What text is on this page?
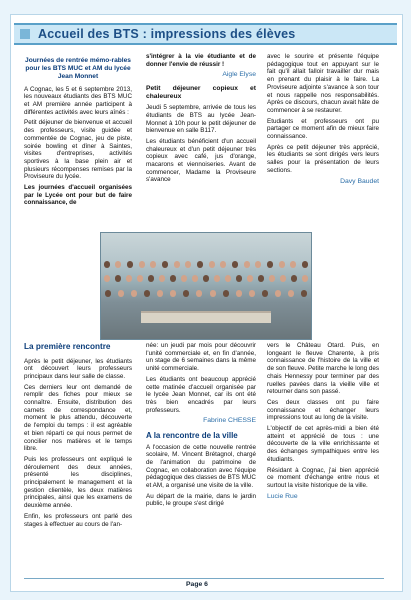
Accueil des BTS : impressions des élèves
Journées de rentrée mémo-rables pour les BTS MUC et AM du lycée Jean Monnet

A Cognac, les 5 et 6 septembre 2013, les nouveaux étudiants des BTS MUC et AM première année participent à différentes activités avec leurs aînés :

Petit déjeuner de bienvenue et accueil des professeurs, visite guidée et commentée de Cognac, jeu de piste, soirée bowling et dîner à Saintes, visites d'entreprises, activités sportives à la base plein air et plusieurs récompenses remises par la Proviseure du lycée.

Les journées d'accueil organisées par le Lycée ont pour but de faire connaissance, de

s'intégrer à la vie étudiante et de donner l'envie de réussir !

Aigle Elyse

Petit déjeuner copieux et chaleureux

Jeudi 5 septembre, arrivée de tous les étudiants de BTS au lycée Jean-Monnet à 10h pour le petit déjeuner de bienvenue en salle B117.

Les étudiants bénéficient d'un accueil chaleureux et d'un petit déjeuner très copieux avec café, jus d'orange, macarons et viennoiseries. Avant de commencer, Madame la Proviseure s'avance

avec le sourire et présente l'équipe pédagogique tout en appuyant sur le fait qu'il allait falloir travailler dur mais en prenant du plaisir à le faire. La Proviseure adjointe s'avance à son tour et nous rappelle nos responsabilités. Après ce discours, chacun avait hâte de commencer à se restaurer.

Etudiants et professeurs ont pu partager ce moment afin de mieux faire connaissance.

Après ce petit déjeuner très apprécié, les étudiants se sont dirigés vers leurs salles pour la présentation de leurs sections.

Davy Baudet
La première rencontre

Après le petit déjeuner, les étudiants ont découvert leurs professeurs principaux dans leur salle de classe.

Ces derniers leur ont demandé de remplir des fiches pour mieux se connaître. Ensuite, distribution des carnets de correspondance et, moment le plus attendu, découverte de l'emploi du temps : il est agréable et bien réparti ce qui nous permet de concilier nos matières et le temps libre.

Puis les professeurs ont expliqué le déroulement des deux années, présenté les disciplines, principalement le management et la gestion clientèle, les deux matières principales, ainsi que les examens de deuxième année.

Enfin, les professeurs ont parlé des stages à effectuer au cours de l'an-

née: un jeudi par mois pour découvrir l'unité commerciale et, en fin d'année, un stage de 6 semaines dans la même unité commerciale.

Les étudiants ont beaucoup apprécié cette matinée d'accueil organisée par le lycée Jean Monnet, car ils ont été très bien encadrés par leurs professeurs.

Fabrine CHESSE

A la rencontre de la ville

A l'occasion de cette nouvelle rentrée scolaire, M. Vincent Brétagnol, chargé de l'animation du patrimoine de Cognac, en collaboration avec l'équipe pédagogique des classes de BTS MUC et AM, a organisé une visite de la ville.

Au départ de la mairie, dans le jardin public, le groupe s'est dirigé

vers le Château Otard. Puis, en longeant le fleuve Charente, à pris connaissance de l'histoire de la ville et de son fleuve. Petite marche le long des chais Hennessy pour terminer par des ruelles pavées dans la vieille ville et retourner dans son passé.

Ces deux classes ont pu faire connaissance et échanger leurs impressions tout au long de la visite.

L'objectif de cet après-midi a bien été atteint et apprécié de tous : une découverte de la ville enrichissante et des échanges sympathiques entre les étudiants.

Résidant à Cognac, j'ai bien apprécié ce moment d'échange entre nous et surtout la visite historique de la ville.

Lucie Rue
Page 6
